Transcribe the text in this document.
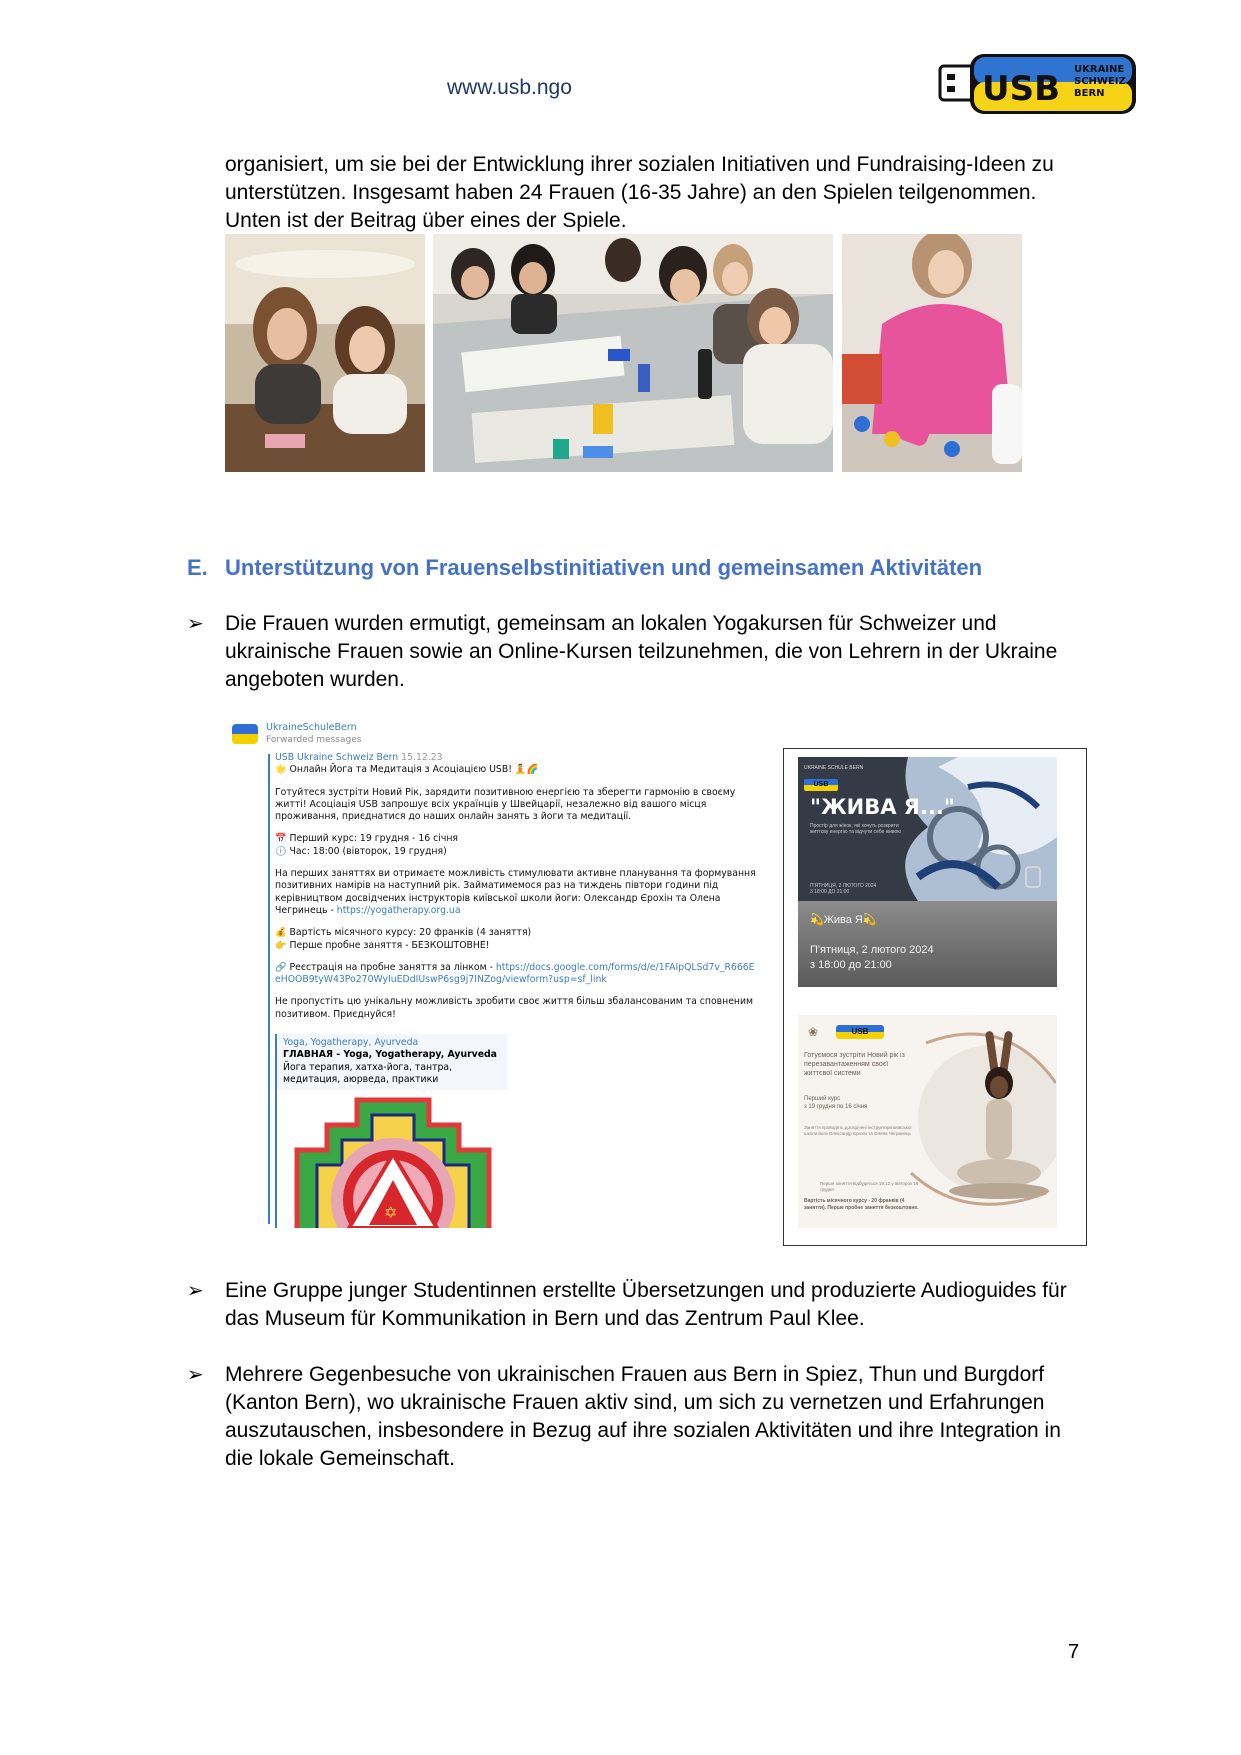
www.usb.ngo	USB UKRAINE
SCHWEIZ
BERN
organisiert, um sie bei der Entwicklung ihrer sozialen Initiativen und Fundraising-Ideen zu unterstützen. Insgesamt haben 24 Frauen (16-35 Jahre) an den Spielen teilgenommen. Unten ist der Beitrag über eines der Spiele.
E. Unterstützung von Frauenselbstinitiativen und gemeinsamen Aktivitäten
➢ Die Frauen wurden ermutigt, gemeinsam an lokalen Yogakursen für Schweizer und ukrainische Frauen sowie an Online-Kursen teilzunehmen, die von Lehrern in der Ukraine angeboten wurden.
UkraineSchuleBern
Forwarded messages

USB Ukraine Schweiz Bern 15.12.23

🌟 Онлайн Йога та Медитація з Асоціацією USB! 🧘🌈

Готуйтеся зустріти Новий Рік, зарядити позитивною енергією та зберегти гармонію в своєму житті! Асоціація USB запрошує всіх українців у Швейцарії, незалежно від вашого місця проживання, приєднатися до наших онлайн занять з йоги та медитації.

📅 Перший курс: 19 грудня - 16 січня
🕕 Час: 18:00 (вівторок, 19 грудня)

На перших заняттях ви отримаєте можливість стимулювати активне планування та формування позитивних намірів на наступний рік. Займатимемося раз на тиждень півтори години під керівництвом досвідчених інструкторів київської школи йоги: Олександр Єрохін та Олена Чегринець - https://yogatherapy.org.ua

💰 Вартість місячного курсу: 20 франків (4 заняття)
👉 Перше пробне заняття - БЕЗКОШТОВНЕ!

🔗 Реєстрація на пробне заняття за лінком - https://docs.google.com/forms/d/e/1FAIpQLSd7v_R666EeHOOB9tyW43Po270WyIuEDdIUswP6sg9j7INZog/viewform?usp=sf_link

Не пропустіть цю унікальну можливість зробити своє життя більш збалансованим та сповненим позитивом. Приєднуйся!

Yoga, Yogatherapy, Ayurveda
ГЛАВНАЯ - Yoga, Yogatherapy, Ayurveda
Йога терапия, хатха-йога, тантра, медитация, аюрведа, практики
✡
UKRAINE SCHULE BERN
USB
"ЖИВА Я..."
Простір для жінок, які хочуть розкрити життєву енергію та відчути себе живою
П'ЯТНИЦЯ, 2 ЛЮТОГО 2024
3 18:00 ДО 21:00
💫Жива Я💫
П'ятниця, 2 лютого 2024
з 18:00 до 21:00
❀	USB
Готуємося зустріти Новий рік із перезавантаженням своєї життєвої системи
Перший курс
з 19 грудня по 16 січня
Заняття проводять досвідчені інструктори київської школи йоги Олександр Єрохін та Олена Чегринець
Перше заняття відбудеться 19.12 у вівторок 19 грудня
Вартість місячного курсу - 20 франків (4 заняття). Перше пробне заняття безкоштовне.
➢ Eine Gruppe junger Studentinnen erstellte Übersetzungen und produzierte Audioguides für das Museum für Kommunikation in Bern und das Zentrum Paul Klee.
➢ Mehrere Gegenbesuche von ukrainischen Frauen aus Bern in Spiez, Thun und Burgdorf (Kanton Bern), wo ukrainische Frauen aktiv sind, um sich zu vernetzen und Erfahrungen auszutauschen, insbesondere in Bezug auf ihre sozialen Aktivitäten und ihre Integration in die lokale Gemeinschaft.
7
